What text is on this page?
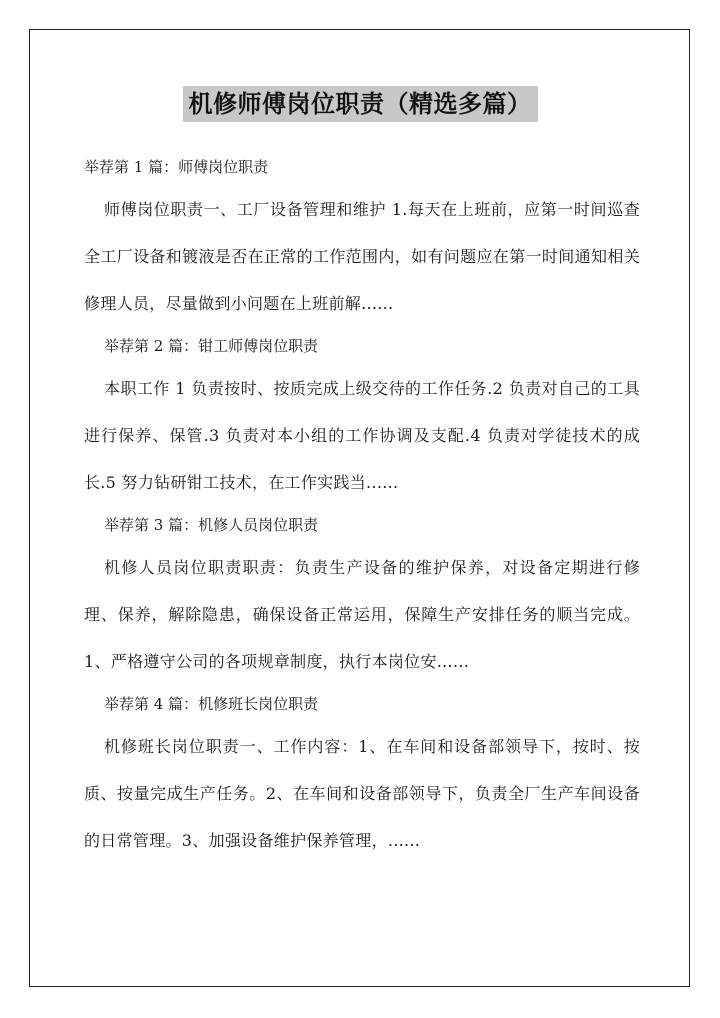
机修师傅岗位职责（精选多篇）

举荐第 1 篇：师傅岗位职责

师傅岗位职责一、工厂设备管理和维护 1.每天在上班前，应第一时间巡查全工厂设备和镀液是否在正常的工作范围内，如有问题应在第一时间通知相关修理人员，尽量做到小问题在上班前解......

举荐第 2 篇：钳工师傅岗位职责

本职工作 1 负责按时、按质完成上级交待的工作任务.2 负责对自己的工具进行保养、保管.3 负责对本小组的工作协调及支配.4 负责对学徒技术的成长.5 努力钻研钳工技术，在工作实践当......

举荐第 3 篇：机修人员岗位职责

机修人员岗位职责职责：负责生产设备的维护保养，对设备定期进行修理、保养，解除隐患，确保设备正常运用，保障生产安排任务的顺当完成。1、严格遵守公司的各项规章制度，执行本岗位安......

举荐第 4 篇：机修班长岗位职责

机修班长岗位职责一、工作内容：1、在车间和设备部领导下，按时、按质、按量完成生产任务。2、在车间和设备部领导下，负责全厂生产车间设备的日常管理。3、加强设备维护保养管理，......
